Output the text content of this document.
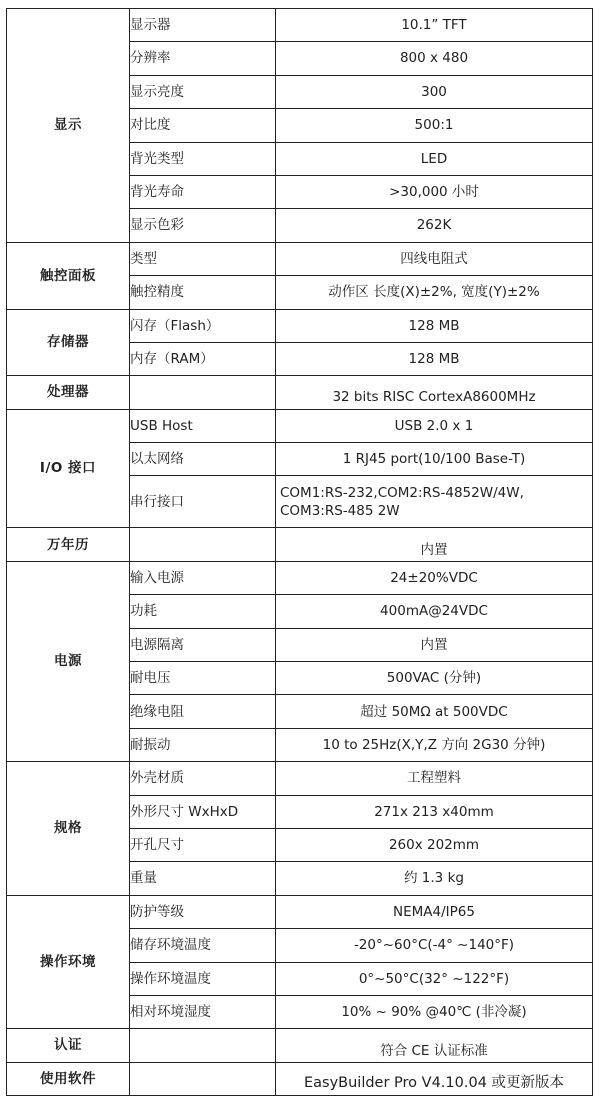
显示	显示器	10.1” TFT
	分辨率	800 x 480
	显示亮度	300
	对比度	500:1
	背光类型	LED
	背光寿命	>30,000 小时
	显示色彩	262K
触控面板	类型	四线电阻式
	触控精度	动作区 长度(X)±2%, 宽度(Y)±2%
存储器	闪存（Flash）	128 MB
	内存（RAM）	128 MB
处理器		32 bits RISC CortexA8600MHz
I/O 接口	USB Host	USB 2.0 x 1
	以太网络	1 RJ45 port(10/100 Base-T)
	串行接口	COM1:RS-232,COM2:RS-4852W/4W,
COM3:RS-485 2W

万年历		内置
电源	输入电源	24±20%VDC
	功耗	400mA@24VDC
	电源隔离	内置
	耐电压	500VAC (分钟)
	绝缘电阻	超过 50MΩ at 500VDC
	耐振动	10 to 25Hz(X,Y,Z 方向 2G30 分钟)
规格	外壳材质	工程塑料
	外形尺寸 WxHxD	271x 213 x40mm
	开孔尺寸	260x 202mm
	重量	约 1.3 kg
操作环境	防护等级	NEMA4/IP65
	储存环境温度	-20°~60°C(-4° ~140°F)
	操作环境温度	0°~50°C(32° ~122°F)
	相对环境湿度	10% ~ 90% @40℃ (非冷凝)
认证		符合 CE 认证标准
使用软件		EasyBuilder Pro V4.10.04 或更新版本
